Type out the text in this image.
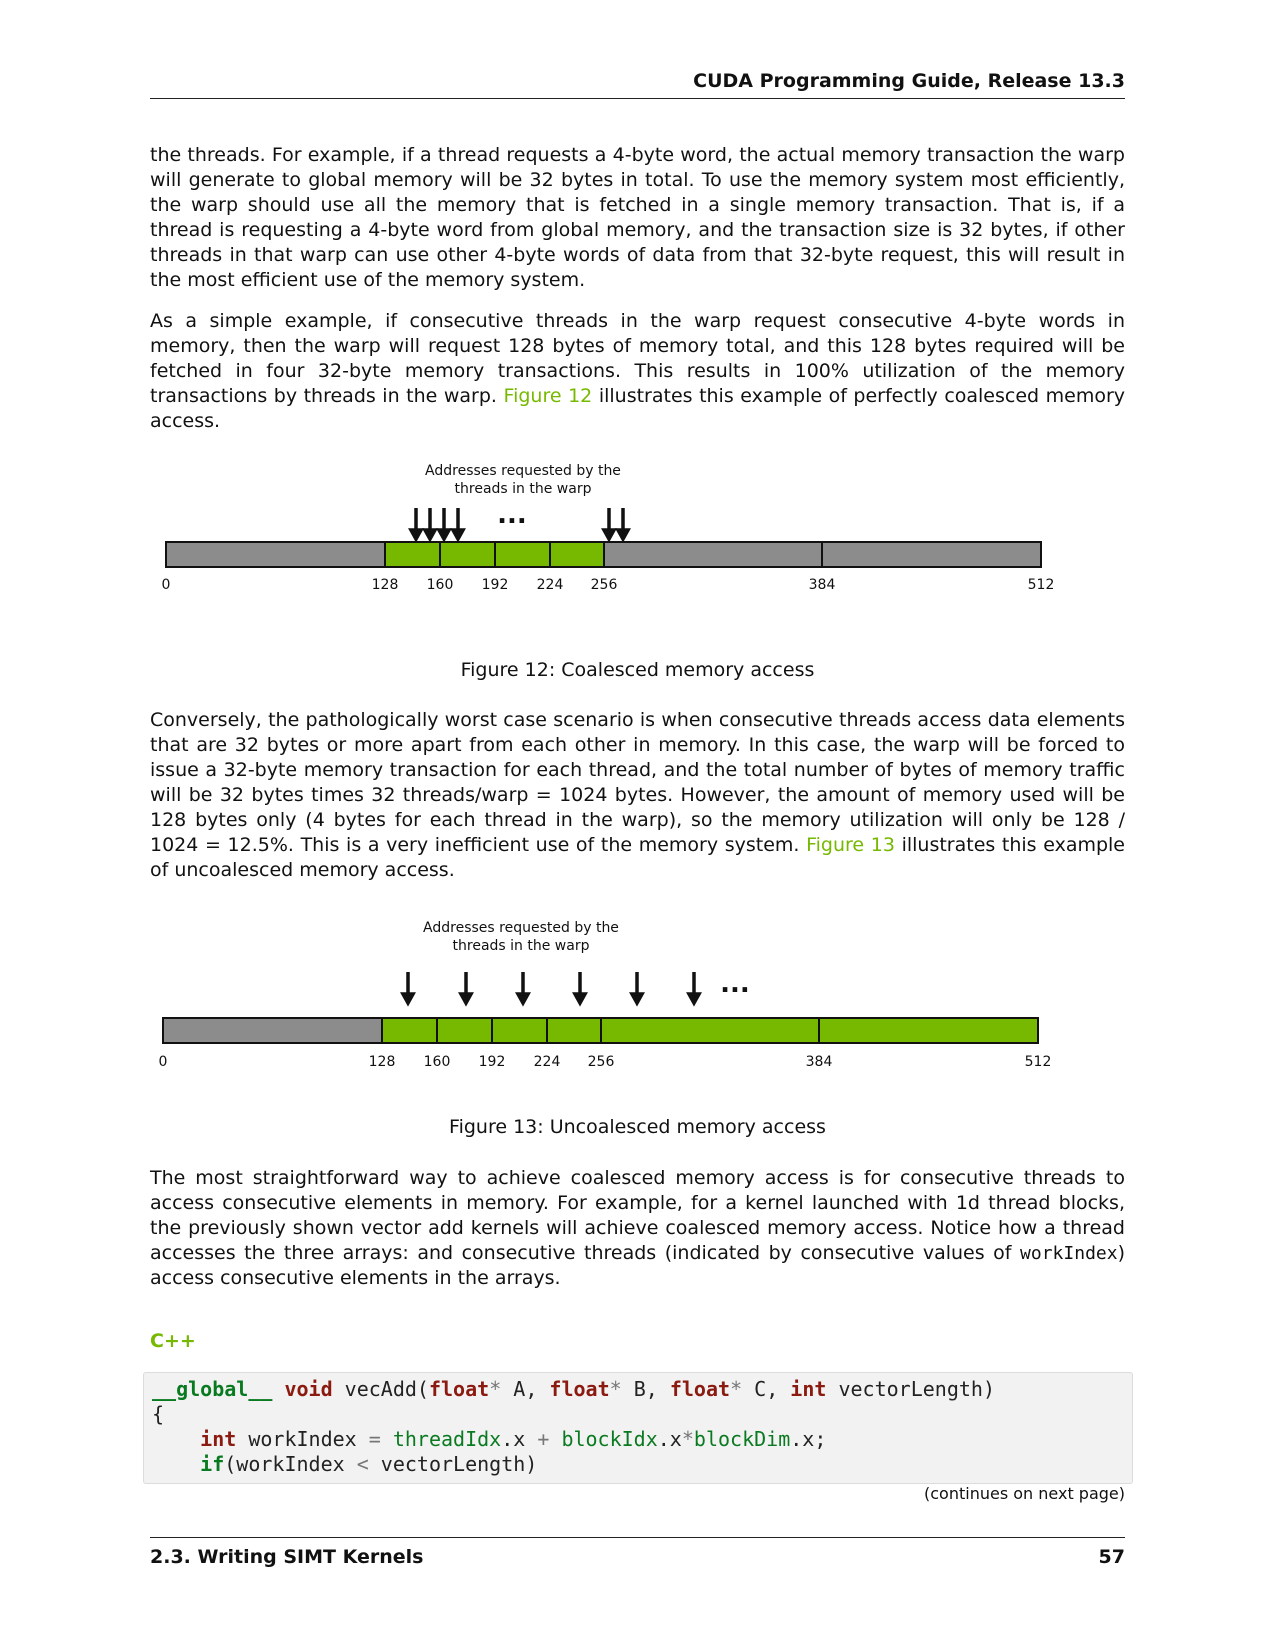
CUDA Programming Guide, Release 13.3

the threads. For example, if a thread requests a 4-byte word, the actual memory transaction the warp will generate to global memory will be 32 bytes in total. To use the memory system most efficiently, the warp should use all the memory that is fetched in a single memory transaction. That is, if a thread is requesting a 4-byte word from global memory, and the transaction size is 32 bytes, if other threads in that warp can use other 4-byte words of data from that 32-byte request, this will result in the most efficient use of the memory system.

As a simple example, if consecutive threads in the warp request consecutive 4-byte words in memory, then the warp will request 128 bytes of memory total, and this 128 bytes required will be fetched in four 32-byte memory transactions. This results in 100% utilization of the memory transactions by threads in the warp. Figure 12 illustrates this example of perfectly coalesced memory access.

Addresses requested by the
threads in the warp
...
0	128 160 192 224 256	384	512
Figure 12: Coalesced memory access

Conversely, the pathologically worst case scenario is when consecutive threads access data elements that are 32 bytes or more apart from each other in memory. In this case, the warp will be forced to issue a 32-byte memory transaction for each thread, and the total number of bytes of memory traffic will be 32 bytes times 32 threads/warp = 1024 bytes. However, the amount of memory used will be 128 bytes only (4 bytes for each thread in the warp), so the memory utilization will only be 128 / 1024 = 12.5%. This is a very inefficient use of the memory system. Figure 13 illustrates this example of uncoalesced memory access.

Addresses requested by the
threads in the warp
...
0	128 160 192 224 256	384	512
Figure 13: Uncoalesced memory access

The most straightforward way to achieve coalesced memory access is for consecutive threads to access consecutive elements in memory. For example, for a kernel launched with 1d thread blocks, the previously shown vector add kernels will achieve coalesced memory access. Notice how a thread accesses the three arrays: and consecutive threads (indicated by consecutive values of workIndex) access consecutive elements in the arrays.

C++
__global__ void vecAdd(float* A, float* B, float* C, int vectorLength)
{
int workIndex = threadIdx.x + blockIdx.x*blockDim.x;
if(workIndex < vectorLength)
(continues on next page)
2.3. Writing SIMT Kernels	57
